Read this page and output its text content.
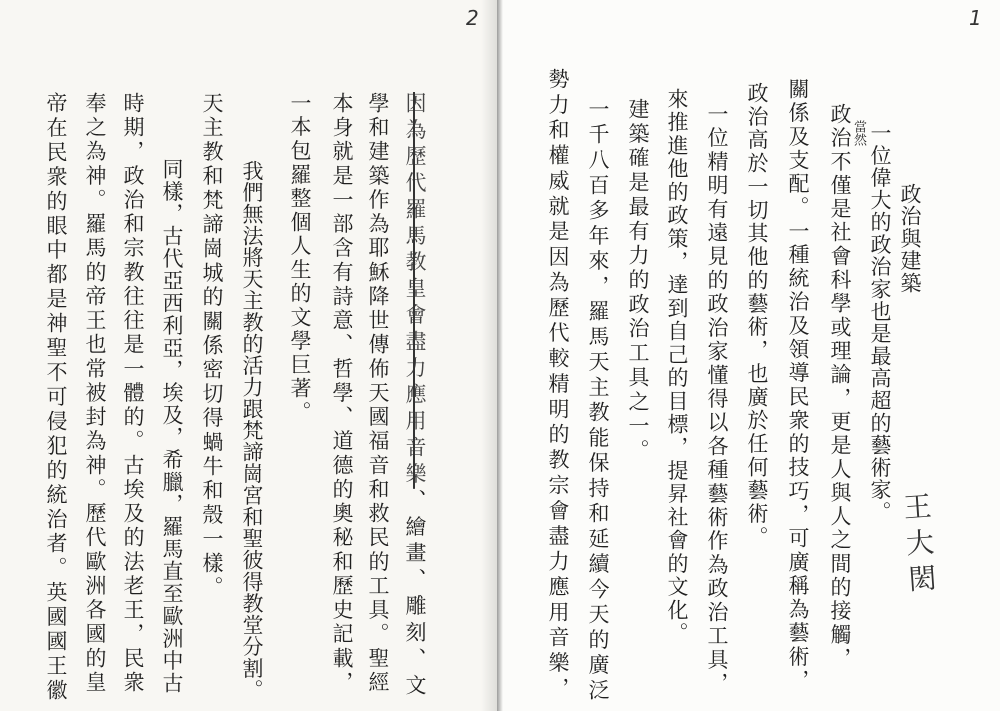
2
因為歷代羅馬教皇會盡力應用音樂、繪畫、雕刻、文
學和建築作為耶穌降世傳佈天國福音和救民的工具。聖經
本身就是一部含有詩意、哲學、道德的奧秘和歷史記載，
一本包羅整個人生的文學巨著。
我們無法將天主教的活力跟梵諦崗宮和聖彼得教堂分割。
天主教和梵諦崗城的關係密切得蝸牛和殼一樣。
同樣，古代亞西利亞，埃及，希臘，羅馬直至歐洲中古
時期，政治和宗教往往是一體的。古埃及的法老王，民衆
奉之為神。羅馬的帝王也常被封為神。歷代歐洲各國的皇
帝在民衆的眼中都是神聖不可侵犯的統治者。英國國王徽
1
政治與建築
王大閎
一位偉大的政治家也是最高超的藝術家。
政治不僅是社會科學或理論，更是人與人之間的接觸，
當然
關係及支配。一種統治及領導民衆的技巧，可廣稱為藝術，
政治高於一切其他的藝術，也廣於任何藝術。
一位精明有遠見的政治家懂得以各種藝術作為政治工具，
來推進他的政策，達到自己的目標，提昇社會的文化。
建築確是最有力的政治工具之一。
一千八百多年來，羅馬天主教能保持和延續今天的廣泛
勢力和權威就是因為歷代較精明的教宗會盡力應用音樂，
